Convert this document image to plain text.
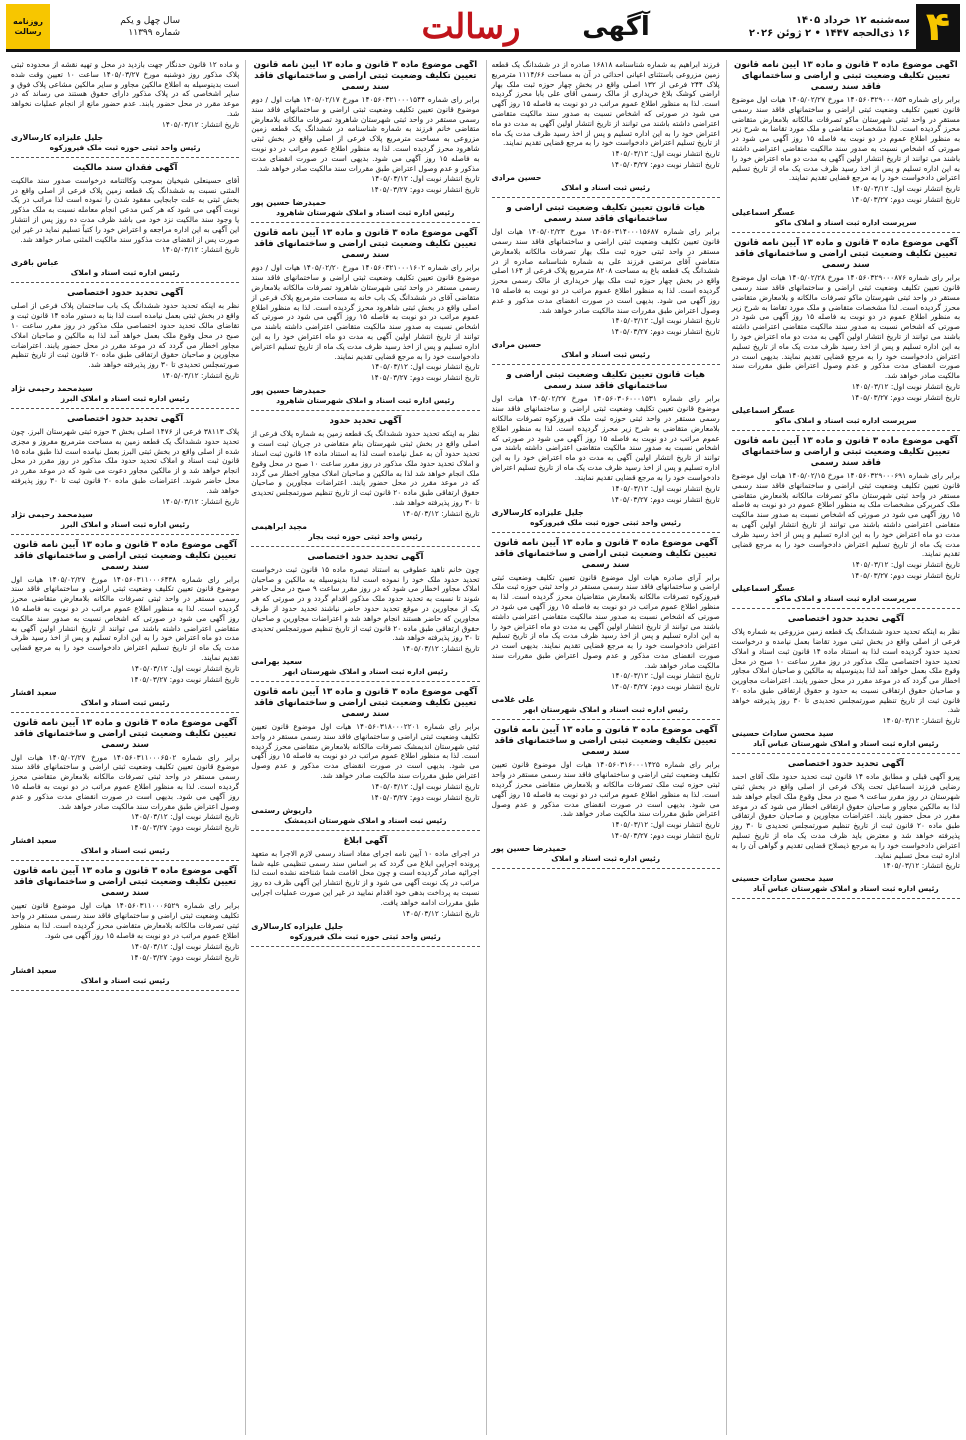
۴
سه‌شنبه ۱۲ خرداد ۱۴۰۵
۱۶ ذی‌الحجه ۱۴۴۷ • ۲ ژوئن ۲۰۲۶
آگهی
رسالت
سال چهل و یکم
شماره ۱۱۳۹۹
روزنامه
رسالت
آگهی موضوع ماده ۳ قانون و ماده ۱۳ آیین نامه قانون تعیین تکلیف وضعیت ثبتی و اراضی و ساختمانهای فاقد سند رسمی
برابر رای شماره ۱۴۰۵۶۰۳۲۹۰۰۰۸۵۳ مورخ ۱۴۰۵/۰۲/۲۷ هیات اول موضوع قانون تعیین تکلیف وضعیت ثبتی اراضی و ساختمانهای فاقد سند رسمی مستقر در واحد ثبتی شهرستان ماکو تصرفات مالکانه بلامعارض متقاضی محرز گردیده است. لذا مشخصات متقاضی و ملک مورد تقاضا به شرح زیر به منظور اطلاع عموم در دو نوبت به فاصله ۱۵ روز آگهی می شود در صورتی که اشخاص نسبت به صدور سند مالکیت متقاضی اعتراضی داشته باشند می توانند از تاریخ انتشار اولین آگهی به مدت دو ماه اعتراض خود را به این اداره تسلیم و پس از اخذ رسید ظرف مدت یک ماه از تاریخ تسلیم اعتراض دادخواست خود را به مرجع قضایی تقدیم نمایند.
تاریخ انتشار نوبت اول: ۱۴۰۵/۰۳/۱۲
تاریخ انتشار نوبت دوم: ۱۴۰۵/۰۳/۲۷
عسگر اسماعیلی
سرپرست اداره ثبت اسناد و املاک ماکو
آگهی موضوع ماده ۳ قانون و ماده ۱۳ آیین نامه قانون تعیین تکلیف وضعیت ثبتی اراضی و ساختمانهای فاقد سند رسمی
برابر رای شماره ۱۴۰۵۶۰۳۲۹۰۰۰۸۷۶ مورخ ۱۴۰۵/۰۲/۲۸ هیات اول موضوع قانون تعیین تکلیف وضعیت ثبتی اراضی و ساختمانهای فاقد سند رسمی مستقر در واحد ثبتی شهرستان ماکو تصرفات مالکانه و بلامعارض متقاضی محرز گردیده است. لذا مشخصات متقاضی و ملک مورد تقاضا به شرح زیر به منظور اطلاع عموم در دو نوبت به فاصله ۱۵ روز آگهی می شود در صورتی که اشخاص نسبت به صدور سند مالکیت متقاضی اعتراضی داشته باشند می توانند از تاریخ انتشار اولین آگهی به مدت دو ماه اعتراض خود را به این اداره تسلیم و پس از اخذ رسید ظرف مدت یک ماه از تاریخ تسلیم اعتراض دادخواست خود را به مرجع قضایی تقدیم نمایند. بدیهی است در صورت انقضای مدت مذکور و عدم وصول اعتراض طبق مقررات سند مالکیت صادر خواهد شد.
تاریخ انتشار نوبت اول: ۱۴۰۵/۰۳/۱۲
تاریخ انتشار نوبت دوم: ۱۴۰۵/۰۳/۲۷
عسگر اسماعیلی
سرپرست اداره ثبت اسناد و املاک ماکو
آگهی موضوع ماده ۳ قانون و ماده ۱۳ آیین نامه قانون تعیین تکلیف وضعیت ثبتی و اراضی و ساختمانهای فاقد سند رسمی
برابر رای شماره ۱۴۰۵۶۰۳۲۹۰۰۰۶۹۱ مورخ ۱۴۰۵/۰۲/۱۵ هیات اول موضوع قانون تعیین تکلیف وضعیت ثبتی اراضی و ساختمانهای فاقد سند رسمی مستقر در واحد ثبتی شهرستان ماکو تصرفات مالکانه بلامعارض متقاضی ملک کمربرکی مشخصات ملک به منظور اطلاع عموم در دو نوبت به فاصله ۱۵ روز آگهی می شود در صورتی که اشخاص نسبت به صدور سند مالکیت متقاضی اعتراضی داشته باشند می توانند از تاریخ انتشار اولین آگهی به مدت دو ماه اعتراض خود را به این اداره تسلیم و پس از اخذ رسید ظرف مدت یک ماه از تاریخ تسلیم اعتراض دادخواست خود را به مرجع قضایی تقدیم نمایند.
تاریخ انتشار نوبت اول: ۱۴۰۵/۰۳/۱۲
تاریخ انتشار نوبت دوم: ۱۴۰۵/۰۳/۲۷
عسگر اسماعیلی
سرپرست اداره ثبت اسناد و املاک ماکو
آگهی تحدید حدود اختصاصی
نظر به اینکه تحدید حدود ششدانگ یک قطعه زمین مزروعی به شماره پلاک فرعی از اصلی واقع در بخش ثبتی مورد تقاضا بعمل نیامده و درخواست تحدید حدود گردیده است لذا به استناد ماده ۱۴ قانون ثبت اسناد و املاک تحدید حدود اختصاصی ملک مذکور در روز مقرر ساعت ۱۰ صبح در محل وقوع ملک بعمل خواهد آمد لذا بدینوسیله به مالکین و صاحبان املاک مجاور اخطار می گردد که در موعد مقرر در محل حضور یابند. اعتراضات مجاورین و صاحبان حقوق ارتفاقی نسبت به حدود و حقوق ارتفاقی طبق ماده ۲۰ قانون ثبت از تاریخ تنظیم صورتمجلس تحدیدی تا ۳۰ روز پذیرفته خواهد شد.
تاریخ انتشار: ۱۴۰۵/۰۳/۱۲
سید محسن سادات حسینی
رئیس اداره ثبت اسناد و املاک شهرستان عباس آباد
آگهی تحدید حدود اختصاصی
پیرو آگهی قبلی و مطابق ماده ۱۴ قانون ثبت تحدید حدود ملک آقای احمد رضایی فرزند اسماعیل تحت پلاک فرعی از اصلی واقع در بخش ثبتی شهرستان در روز مقرر ساعت ۹ صبح در محل وقوع ملک انجام خواهد شد لذا به مالکین مجاور و صاحبان حقوق ارتفاقی اخطار می شود که در موعد مقرر در محل حضور یابند. اعتراضات مجاورین و صاحبان حقوق ارتفاقی طبق ماده ۲۰ قانون ثبت از تاریخ تنظیم صورتمجلس تحدیدی تا ۳۰ روز پذیرفته خواهد شد و معترض باید ظرف مدت یک ماه از تاریخ تسلیم اعتراض دادخواست خود را به مرجع ذیصلاح قضایی تقدیم و گواهی آن را به اداره ثبت محل تسلیم نماید.
تاریخ انتشار: ۱۴۰۵/۰۳/۱۲
سید محسن سادات حسینی
رئیس اداره ثبت اسناد و املاک شهرستان عباس آباد
فرزند ابراهیم به شماره شناسنامه ۱۶۸۱۸ صادره از در ششدانگ یک قطعه زمین مزروعی باستثنای اعیانی احداثی در آن به مساحت ۱۱۱۴/۶۶ مترمربع پلاک ۲۴۴ فرعی از ۱۳۲ اصلی واقع در بخش چهار حوزه ثبت ملک بهار اراضی کوشک بلاغ خریداری از مالک رسمی آقای علی بابا محرز گردیده است. لذا به منظور اطلاع عموم مراتب در دو نوبت به فاصله ۱۵ روز آگهی می شود در صورتی که اشخاص نسبت به صدور سند مالکیت متقاضی اعتراضی داشته باشند می توانند از تاریخ انتشار اولین آگهی به مدت دو ماه اعتراض خود را به این اداره تسلیم و پس از اخذ رسید ظرف مدت یک ماه از تاریخ تسلیم اعتراض دادخواست خود را به مرجع قضایی تقدیم نمایند.
تاریخ انتشار نوبت اول: ۱۴۰۵/۰۳/۱۲
تاریخ انتشار نوبت دوم: ۱۴۰۵/۰۳/۲۷
حسین مرادی
رئیس ثبت اسناد و املاک
هیات قانون تعیین تکلیف وضعیت ثبتی اراضی و ساختمانهای فاقد سند رسمی
برابر رای شماره ۱۴۰۵۶۰۳۱۴۰۰۰۱۵۶۸۷ مورخ ۱۴۰۵/۰۲/۲۳ هیات اول قانون تعیین تکلیف وضعیت ثبتی اراضی و ساختمانهای فاقد سند رسمی مستقر در واحد ثبتی حوزه ثبت ملک بهار تصرفات مالکانه بلامعارض متقاضی آقای مرتضی فرزند علی به شماره شناسنامه صادره از در ششدانگ یک قطعه باغ به مساحت ۸۲۰۸ مترمربع پلاک فرعی از ۱۶۴ اصلی واقع در بخش چهار حوزه ثبت ملک بهار خریداری از مالک رسمی محرز گردیده است. لذا به منظور اطلاع عموم مراتب در دو نوبت به فاصله ۱۵ روز آگهی می شود. بدیهی است در صورت انقضای مدت مذکور و عدم وصول اعتراض طبق مقررات سند مالکیت صادر خواهد شد.
تاریخ انتشار نوبت اول: ۱۴۰۵/۰۳/۱۲
تاریخ انتشار نوبت دوم: ۱۴۰۵/۰۳/۲۷
حسین مرادی
رئیس ثبت اسناد و املاک
هیات قانون تعیین تکلیف وضعیت ثبتی اراضی و ساختمانهای فاقد سند رسمی
برابر رای شماره ۱۴۰۵۶۰۳۰۶۰۰۰۱۵۳۱ مورخ ۱۴۰۵/۰۲/۲۷ هیات اول موضوع قانون تعیین تکلیف وضعیت ثبتی اراضی و ساختمانهای فاقد سند رسمی مستقر در واحد ثبتی حوزه ثبت ملک فیروزکوه تصرفات مالکانه بلامعارض متقاضی به شرح زیر محرز گردیده است. لذا به منظور اطلاع عموم مراتب در دو نوبت به فاصله ۱۵ روز آگهی می شود در صورتی که اشخاص نسبت به صدور سند مالکیت متقاضی اعتراضی داشته باشند می توانند از تاریخ انتشار اولین آگهی به مدت دو ماه اعتراض خود را به این اداره تسلیم و پس از اخذ رسید ظرف مدت یک ماه از تاریخ تسلیم اعتراض دادخواست خود را به مرجع قضایی تقدیم نمایند.
تاریخ انتشار نوبت اول: ۱۴۰۵/۰۳/۱۲
تاریخ انتشار نوبت دوم: ۱۴۰۵/۰۳/۲۷
جلیل علیزاده کارسالاری
رئیس واحد ثبتی حوزه ثبت ملک فیروزکوه
آگهی موضوع ماده ۳ قانون و ماده ۱۳ آیین نامه قانون تعیین تکلیف وضعیت ثبتی اراضی و ساختمانهای فاقد سند رسمی
برابر آرای صادره هیات اول موضوع قانون تعیین تکلیف وضعیت ثبتی اراضی و ساختمانهای فاقد سند رسمی مستقر در واحد ثبتی حوزه ثبت ملک فیروزکوه تصرفات مالکانه بلامعارض متقاضیان محرز گردیده است. لذا به منظور اطلاع عموم مراتب در دو نوبت به فاصله ۱۵ روز آگهی می شود در صورتی که اشخاص نسبت به صدور سند مالکیت متقاضی اعتراضی داشته باشند می توانند از تاریخ انتشار اولین آگهی به مدت دو ماه اعتراض خود را به این اداره تسلیم و پس از اخذ رسید ظرف مدت یک ماه از تاریخ تسلیم اعتراض دادخواست خود را به مرجع قضایی تقدیم نمایند. بدیهی است در صورت انقضای مدت مذکور و عدم وصول اعتراض طبق مقررات سند مالکیت صادر خواهد شد.
تاریخ انتشار نوبت اول: ۱۴۰۵/۰۳/۱۲
تاریخ انتشار نوبت دوم: ۱۴۰۵/۰۳/۲۷
علی غلامی
رئیس اداره ثبت اسناد و املاک شهرستان ابهر
آگهی موضوع ماده ۳ قانون و ماده ۱۳ آیین نامه قانون تعیین تکلیف وضعیت ثبتی اراضی و ساختمانهای فاقد سند رسمی
برابر رای شماره ۱۴۰۵۶۰۳۱۶۰۰۰۱۴۲۵ هیات اول موضوع قانون تعیین تکلیف وضعیت ثبتی اراضی و ساختمانهای فاقد سند رسمی مستقر در واحد ثبتی حوزه ثبت ملک تصرفات مالکانه و بلامعارض متقاضی محرز گردیده است. لذا به منظور اطلاع عموم مراتب در دو نوبت به فاصله ۱۵ روز آگهی می شود. بدیهی است در صورت انقضای مدت مذکور و عدم وصول اعتراض طبق مقررات سند مالکیت صادر خواهد شد.
تاریخ انتشار نوبت اول: ۱۴۰۵/۰۳/۱۲
تاریخ انتشار نوبت دوم: ۱۴۰۵/۰۳/۲۷
حمیدرضا حسین پور
رئیس اداره ثبت اسناد و املاک
آگهی موضوع ماده ۳ قانون و ماده ۱۳ آیین نامه قانون تعیین تکلیف وضعیت ثبتی اراضی و ساختمانهای فاقد سند رسمی
برابر رای شماره ۱۴۰۵۶۰۳۲۱۰۰۰۱۵۴۴ مورخ ۱۴۰۵/۰۲/۱۷ هیات اول / دوم موضوع قانون تعیین تکلیف وضعیت ثبتی اراضی و ساختمانهای فاقد سند رسمی مستقر در واحد ثبتی شهرستان شاهرود تصرفات مالکانه بلامعارض متقاضی خانم فرزند به شماره شناسنامه در ششدانگ یک قطعه زمین مزروعی به مساحت مترمربع پلاک فرعی از اصلی واقع در بخش ثبتی شاهرود محرز گردیده است. لذا به منظور اطلاع عموم مراتب در دو نوبت به فاصله ۱۵ روز آگهی می شود. بدیهی است در صورت انقضای مدت مذکور و عدم وصول اعتراض طبق مقررات سند مالکیت صادر خواهد شد.
تاریخ انتشار نوبت اول: ۱۴۰۵/۰۳/۱۲
تاریخ انتشار نوبت دوم: ۱۴۰۵/۰۳/۲۷
حمیدرضا حسین پور
رئیس اداره ثبت اسناد و املاک شهرستان شاهرود
آگهی موضوع ماده ۳ قانون و ماده ۱۳ آیین نامه قانون تعیین تکلیف وضعیت ثبتی اراضی و ساختمانهای فاقد سند رسمی
برابر رای شماره ۱۴۰۵۶۰۳۲۱۰۰۰۱۶۰۲ مورخ ۱۴۰۵/۰۲/۲۰ هیات اول / دوم موضوع قانون تعیین تکلیف وضعیت ثبتی اراضی و ساختمانهای فاقد سند رسمی مستقر در واحد ثبتی شهرستان شاهرود تصرفات مالکانه بلامعارض متقاضی آقای در ششدانگ یک باب خانه به مساحت مترمربع پلاک فرعی از اصلی واقع در بخش ثبتی شاهرود محرز گردیده است. لذا به منظور اطلاع عموم مراتب در دو نوبت به فاصله ۱۵ روز آگهی می شود در صورتی که اشخاص نسبت به صدور سند مالکیت متقاضی اعتراضی داشته باشند می توانند از تاریخ انتشار اولین آگهی به مدت دو ماه اعتراض خود را به این اداره تسلیم و پس از اخذ رسید ظرف مدت یک ماه از تاریخ تسلیم اعتراض دادخواست خود را به مرجع قضایی تقدیم نمایند.
تاریخ انتشار نوبت اول: ۱۴۰۵/۰۳/۱۲
تاریخ انتشار نوبت دوم: ۱۴۰۵/۰۳/۲۷
حمیدرضا حسین پور
رئیس اداره ثبت اسناد و املاک شهرستان شاهرود
آگهی تحدید حدود
نظر به اینکه تحدید حدود ششدانگ یک قطعه زمین به شماره پلاک فرعی از اصلی واقع در بخش ثبتی شهرستان بنام متقاضی در جریان ثبت است و تحدید حدود آن به عمل نیامده است لذا به استناد ماده ۱۴ قانون ثبت اسناد و املاک تحدید حدود ملک مذکور در روز مقرر ساعت ۱۰ صبح در محل وقوع ملک انجام خواهد شد لذا به مالکین و صاحبان املاک مجاور اخطار می گردد که در موعد مقرر در محل حضور یابند. اعتراضات مجاورین و صاحبان حقوق ارتفاقی طبق ماده ۲۰ قانون ثبت از تاریخ تنظیم صورتمجلس تحدیدی تا ۳۰ روز پذیرفته خواهد شد.
تاریخ انتشار: ۱۴۰۵/۰۳/۱۲
مجید ابراهیمی
رئیس واحد ثبتی حوزه ثبت بجار
آگهی تحدید حدود اختصاصی
چون خانم ناهید عطوفی به استناد تبصره ماده ۱۵ قانون ثبت درخواست تحدید حدود ملک خود را نموده است لذا بدینوسیله به مالکین و صاحبان املاک مجاور اخطار می شود که در روز مقرر ساعت ۹ صبح در محل حاضر شوند تا نسبت به تحدید حدود ملک مذکور اقدام گردد و در صورتی که هر یک از مجاورین در موقع تحدید حدود حاضر نباشند تحدید حدود از طرف مجاورین که حاضر هستند انجام خواهد شد و اعتراضات مجاورین و صاحبان حقوق ارتفاقی طبق ماده ۲۰ قانون ثبت از تاریخ تنظیم صورتمجلس تحدیدی تا ۳۰ روز پذیرفته خواهد شد.
تاریخ انتشار: ۱۴۰۵/۰۳/۱۲
سعید بهرامی
رئیس اداره ثبت اسناد و املاک شهرستان ابهر
آگهی موضوع ماده ۳ قانون و ماده ۱۳ آیین نامه قانون تعیین تکلیف وضعیت ثبتی اراضی و ساختمانهای فاقد سند رسمی
برابر رای شماره ۱۴۰۵۶۰۳۱۸۰۰۰۲۲۰۱ هیات اول موضوع قانون تعیین تکلیف وضعیت ثبتی اراضی و ساختمانهای فاقد سند رسمی مستقر در واحد ثبتی شهرستان اندیمشک تصرفات مالکانه بلامعارض متقاضی محرز گردیده است. لذا به منظور اطلاع عموم مراتب در دو نوبت به فاصله ۱۵ روز آگهی می شود. بدیهی است در صورت انقضای مدت مذکور و عدم وصول اعتراض طبق مقررات سند مالکیت صادر خواهد شد.
تاریخ انتشار نوبت اول: ۱۴۰۵/۰۳/۱۲
تاریخ انتشار نوبت دوم: ۱۴۰۵/۰۳/۲۷
داریوش رستمی
رئیس ثبت اسناد و املاک شهرستان اندیمشک
آگهی ابلاغ
در اجرای ماده ۱۰ آیین نامه اجرای مفاد اسناد رسمی لازم الاجرا به متعهد پرونده اجرایی ابلاغ می گردد که بر اساس سند رسمی تنظیمی علیه شما اجرائیه صادر گردیده است و چون محل اقامت شما شناخته نشده است لذا مراتب در یک نوبت آگهی می شود و از تاریخ انتشار این آگهی ظرف ده روز نسبت به پرداخت بدهی خود اقدام نمایید در غیر این صورت عملیات اجرایی طبق مقررات ادامه خواهد یافت.
تاریخ انتشار: ۱۴۰۵/۰۳/۱۲
جلیل علیزاده کارسالاری
رئیس واحد ثبتی حوزه ثبت ملک فیروزکوه
و ماده ۱۲ قانون حدنگار جهت بازدید در محل و تهیه نقشه از محدوده ثبتی پلاک مذکور روز دوشنبه مورخ ۱۴۰۵/۰۳/۲۷ ساعت ۱۰ تعیین وقت شده است بدینوسیله به اطلاع مالکین مجاور و سایر مالکین مشاعی پلاک فوق و سایر اشخاصی که در پلاک مذکور دارای حقوق هستند می رساند که در موعد مقرر در محل حضور یابند. عدم حضور مانع از انجام عملیات نخواهد شد.
تاریخ انتشار: ۱۴۰۵/۰۳/۱۲
جلیل علیزاده کارسالاری
رئیس واحد ثبتی حوزه ثبت ملک فیروزکوه
آگهی فقدان سند مالکیت
آقای حسینعلی شیخیان بموجب وکالتنامه درخواست صدور سند مالکیت المثنی نسبت به ششدانگ یک قطعه زمین پلاک فرعی از اصلی واقع در بخش ثبتی به علت جابجایی مفقود شدن را نموده است لذا مراتب در یک نوبت آگهی می شود که هر کس مدعی انجام معامله نسبت به ملک مذکور یا وجود سند مالکیت نزد خود می باشد ظرف مدت ده روز پس از انتشار این آگهی به این اداره مراجعه و اعتراض خود را کتباً تسلیم نماید در غیر این صورت پس از انقضای مدت مذکور سند مالکیت المثنی صادر خواهد شد.
تاریخ انتشار: ۱۴۰۵/۰۳/۱۲
عباس باقری
رئیس اداره ثبت اسناد و املاک
آگهی تحدید حدود اختصاصی
نظر به اینکه تحدید حدود ششدانگ یک باب ساختمان پلاک فرعی از اصلی واقع در بخش ثبتی بعمل نیامده است لذا بنا به دستور ماده ۱۴ قانون ثبت و تقاضای مالک تحدید حدود اختصاصی ملک مذکور در روز مقرر ساعت ۱۰ صبح در محل وقوع ملک بعمل خواهد آمد لذا به مالکین و صاحبان املاک مجاور اخطار می گردد که در موعد مقرر در محل حضور یابند. اعتراضات مجاورین و صاحبان حقوق ارتفاقی طبق ماده ۲۰ قانون ثبت از تاریخ تنظیم صورتمجلس تحدیدی تا ۳۰ روز پذیرفته خواهد شد.
تاریخ انتشار: ۱۴۰۵/۰۳/۱۲
سیدمحمد رحیمی نژاد
رئیس اداره ثبت اسناد و املاک البرز
آگهی تحدید حدود اختصاصی
پلاک ۳۸۱۱۳ فرعی از ۱۴۷۶ اصلی بخش ۳ حوزه ثبتی شهرستان البرز. چون تحدید حدود ششدانگ یک قطعه زمین به مساحت مترمربع مفروز و مجزی شده از اصلی واقع در بخش ثبتی البرز بعمل نیامده است لذا طبق ماده ۱۵ قانون ثبت اسناد و املاک تحدید حدود ملک مذکور در روز مقرر در محل انجام خواهد شد و از مالکین مجاور دعوت می شود که در موعد مقرر در محل حاضر شوند. اعتراضات طبق ماده ۲۰ قانون ثبت تا ۳۰ روز پذیرفته خواهد شد.
تاریخ انتشار: ۱۴۰۵/۰۳/۱۲
سیدمحمد رحیمی نژاد
رئیس اداره ثبت اسناد و املاک البرز
آگهی موضوع ماده ۳ قانون و ماده ۱۳ آیین نامه قانون تعیین تکلیف وضعیت ثبتی اراضی و ساختمانهای فاقد سند رسمی
برابر رای شماره ۱۴۰۵۶۰۳۱۱۰۰۰۶۴۳۸ مورخ ۱۴۰۵/۰۲/۲۷ هیات اول موضوع قانون تعیین تکلیف وضعیت ثبتی اراضی و ساختمانهای فاقد سند رسمی مستقر در واحد ثبتی تصرفات مالکانه بلامعارض متقاضی محرز گردیده است. لذا به منظور اطلاع عموم مراتب در دو نوبت به فاصله ۱۵ روز آگهی می شود در صورتی که اشخاص نسبت به صدور سند مالکیت متقاضی اعتراضی داشته باشند می توانند از تاریخ انتشار اولین آگهی به مدت دو ماه اعتراض خود را به این اداره تسلیم و پس از اخذ رسید ظرف مدت یک ماه از تاریخ تسلیم اعتراض دادخواست خود را به مرجع قضایی تقدیم نمایند.
تاریخ انتشار نوبت اول: ۱۴۰۵/۰۳/۱۲
تاریخ انتشار نوبت دوم: ۱۴۰۵/۰۳/۲۷
سعید افشار
رئیس ثبت اسناد و املاک
آگهی موضوع ماده ۳ قانون و ماده ۱۳ آیین نامه قانون تعیین تکلیف وضعیت ثبتی اراضی و ساختمانهای فاقد سند رسمی
برابر رای شماره ۱۴۰۵۶۰۳۱۱۰۰۰۶۵۰۲ مورخ ۱۴۰۵/۰۲/۲۷ هیات اول موضوع قانون تعیین تکلیف وضعیت ثبتی اراضی و ساختمانهای فاقد سند رسمی مستقر در واحد ثبتی تصرفات مالکانه بلامعارض متقاضی محرز گردیده است. لذا به منظور اطلاع عموم مراتب در دو نوبت به فاصله ۱۵ روز آگهی می شود. بدیهی است در صورت انقضای مدت مذکور و عدم وصول اعتراض طبق مقررات سند مالکیت صادر خواهد شد.
تاریخ انتشار نوبت اول: ۱۴۰۵/۰۳/۱۲
تاریخ انتشار نوبت دوم: ۱۴۰۵/۰۳/۲۷
سعید افشار
رئیس ثبت اسناد و املاک
آگهی موضوع ماده ۳ قانون و ماده ۱۳ آیین نامه قانون تعیین تکلیف وضعیت ثبتی اراضی و ساختمانهای فاقد سند رسمی
برابر رای شماره ۱۴۰۵۶۰۳۱۱۰۰۰۶۵۲۹ هیات اول موضوع قانون تعیین تکلیف وضعیت ثبتی اراضی و ساختمانهای فاقد سند رسمی مستقر در واحد ثبتی تصرفات مالکانه بلامعارض متقاضی محرز گردیده است. لذا به منظور اطلاع عموم مراتب در دو نوبت به فاصله ۱۵ روز آگهی می شود.
تاریخ انتشار نوبت اول: ۱۴۰۵/۰۳/۱۲
تاریخ انتشار نوبت دوم: ۱۴۰۵/۰۳/۲۷
سعید افشار
رئیس ثبت اسناد و املاک
